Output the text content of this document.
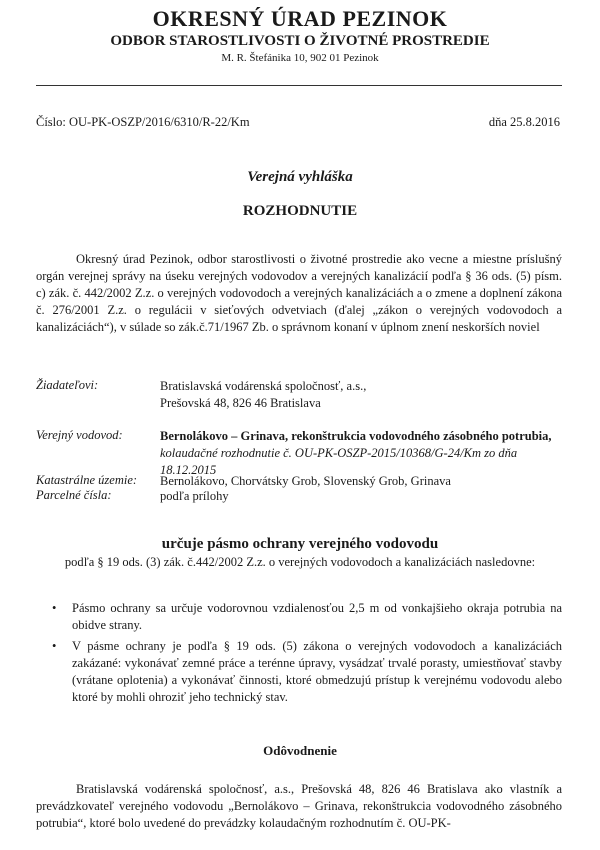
OKRESNÝ ÚRAD PEZINOK
ODBOR STAROSTLIVOSTI O ŽIVOTNÉ PROSTREDIE
M. R. Štefánika 10, 902 01 Pezinok
Číslo: OU-PK-OSZP/2016/6310/R-22/Km	dňa 25.8.2016
Verejná vyhláška
ROZHODNUTIE
Okresný úrad Pezinok, odbor starostlivosti o životné prostredie ako vecne a miestne príslušný orgán verejnej správy na úseku verejných vodovodov a verejných kanalizácií podľa § 36 ods. (5) písm. c) zák. č. 442/2002 Z.z. o verejných vodovodoch a verejných kanalizáciách a o zmene a doplnení zákona č. 276/2001 Z.z. o regulácii v sieťových odvetviach (ďalej „zákon o verejných vodovodoch a kanalizáciách“), v súlade so zák.č.71/1967 Zb. o správnom konaní v úplnom znení neskorších noviel
Žiadateľovi:	Bratislavská vodárenská spoločnosť, a.s.,
Prešovská 48, 826 46 Bratislava
Verejný vodovod:	Bernolákovo – Grinava, rekonštrukcia vodovodného zásobného potrubia, kolaudačné rozhodnutie č. OU-PK-OSZP-2015/10368/G-24/Km zo dňa 18.12.2015
Katastrálne územie: Bernolákovo, Chorvátsky Grob, Slovenský Grob, Grinava
Parcelné čísla:	podľa prílohy
určuje pásmo ochrany verejného vodovodu
podľa § 19 ods. (3) zák. č.442/2002 Z.z. o verejných vodovodoch a kanalizáciách nasledovne:
• Pásmo ochrany sa určuje vodorovnou vzdialenosťou 2,5 m od vonkajšieho okraja potrubia na obidve strany.
• V pásme ochrany je podľa § 19 ods. (5) zákona o verejných vodovodoch a kanalizáciách zakázané: vykonávať zemné práce a terénne úpravy, vysádzať trvalé porasty, umiestňovať stavby (vrátane oplotenia) a vykonávať činnosti, ktoré obmedzujú prístup k verejnému vodovodu alebo ktoré by mohli ohroziť jeho technický stav.
Odôvodnenie
Bratislavská vodárenská spoločnosť, a.s., Prešovská 48, 826 46 Bratislava ako vlastník a prevádzkovateľ verejného vodovodu „Bernolákovo – Grinava, rekonštrukcia vodovodného zásobného potrubia“, ktoré bolo uvedené do prevádzky kolaudačným rozhodnutím č. OU-PK-
